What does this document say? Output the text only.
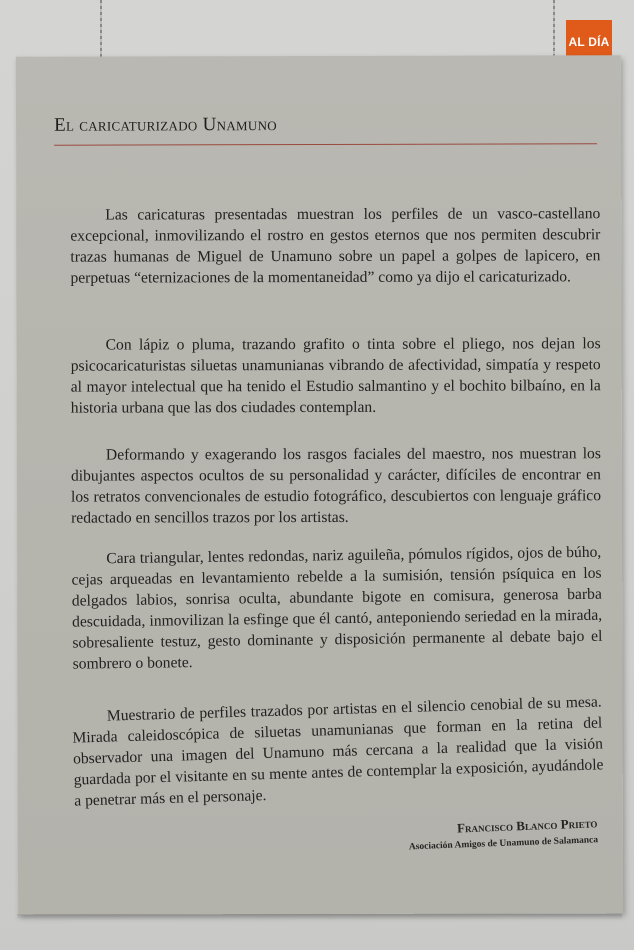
AL DÍA
El caricaturizado Unamuno

Las caricaturas presentadas muestran los perfiles de un vasco-castellano excepcional, inmovilizando el rostro en gestos eternos que nos permiten descubrir trazas humanas de Miguel de Unamuno sobre un papel a golpes de lapicero, en perpetuas “eternizaciones de la momentaneidad” como ya dijo el caricaturizado.

Con lápiz o pluma, trazando grafito o tinta sobre el pliego, nos dejan los psicocaricaturistas siluetas unamunianas vibrando de afectividad, simpatía y respeto al mayor intelectual que ha tenido el Estudio salmantino y el bochito bilbaíno, en la historia urbana que las dos ciudades contemplan.

Deformando y exagerando los rasgos faciales del maestro, nos muestran los dibujantes aspectos ocultos de su personalidad y carácter, difíciles de encontrar en los retratos convencionales de estudio fotográfico, descubiertos con lenguaje gráfico redactado en sencillos trazos por los artistas.

Cara triangular, lentes redondas, nariz aguileña, pómulos rígidos, ojos de búho, cejas arqueadas en levantamiento rebelde a la sumisión, tensión psíquica en los delgados labios, sonrisa oculta, abundante bigote en comisura, generosa barba descuidada, inmovilizan la esfinge que él cantó, anteponiendo seriedad en la mirada, sobresaliente testuz, gesto dominante y disposición permanente al debate bajo el sombrero o bonete.

Muestrario de perfiles trazados por artistas en el silencio cenobial de su mesa. Mirada caleidoscópica de siluetas unamunianas que forman en la retina del observador una imagen del Unamuno más cercana a la realidad que la visión guardada por el visitante en su mente antes de contemplar la exposición, ayudándole a penetrar más en el personaje.

Francisco Blanco Prieto
Asociación Amigos de Unamuno de Salamanca
